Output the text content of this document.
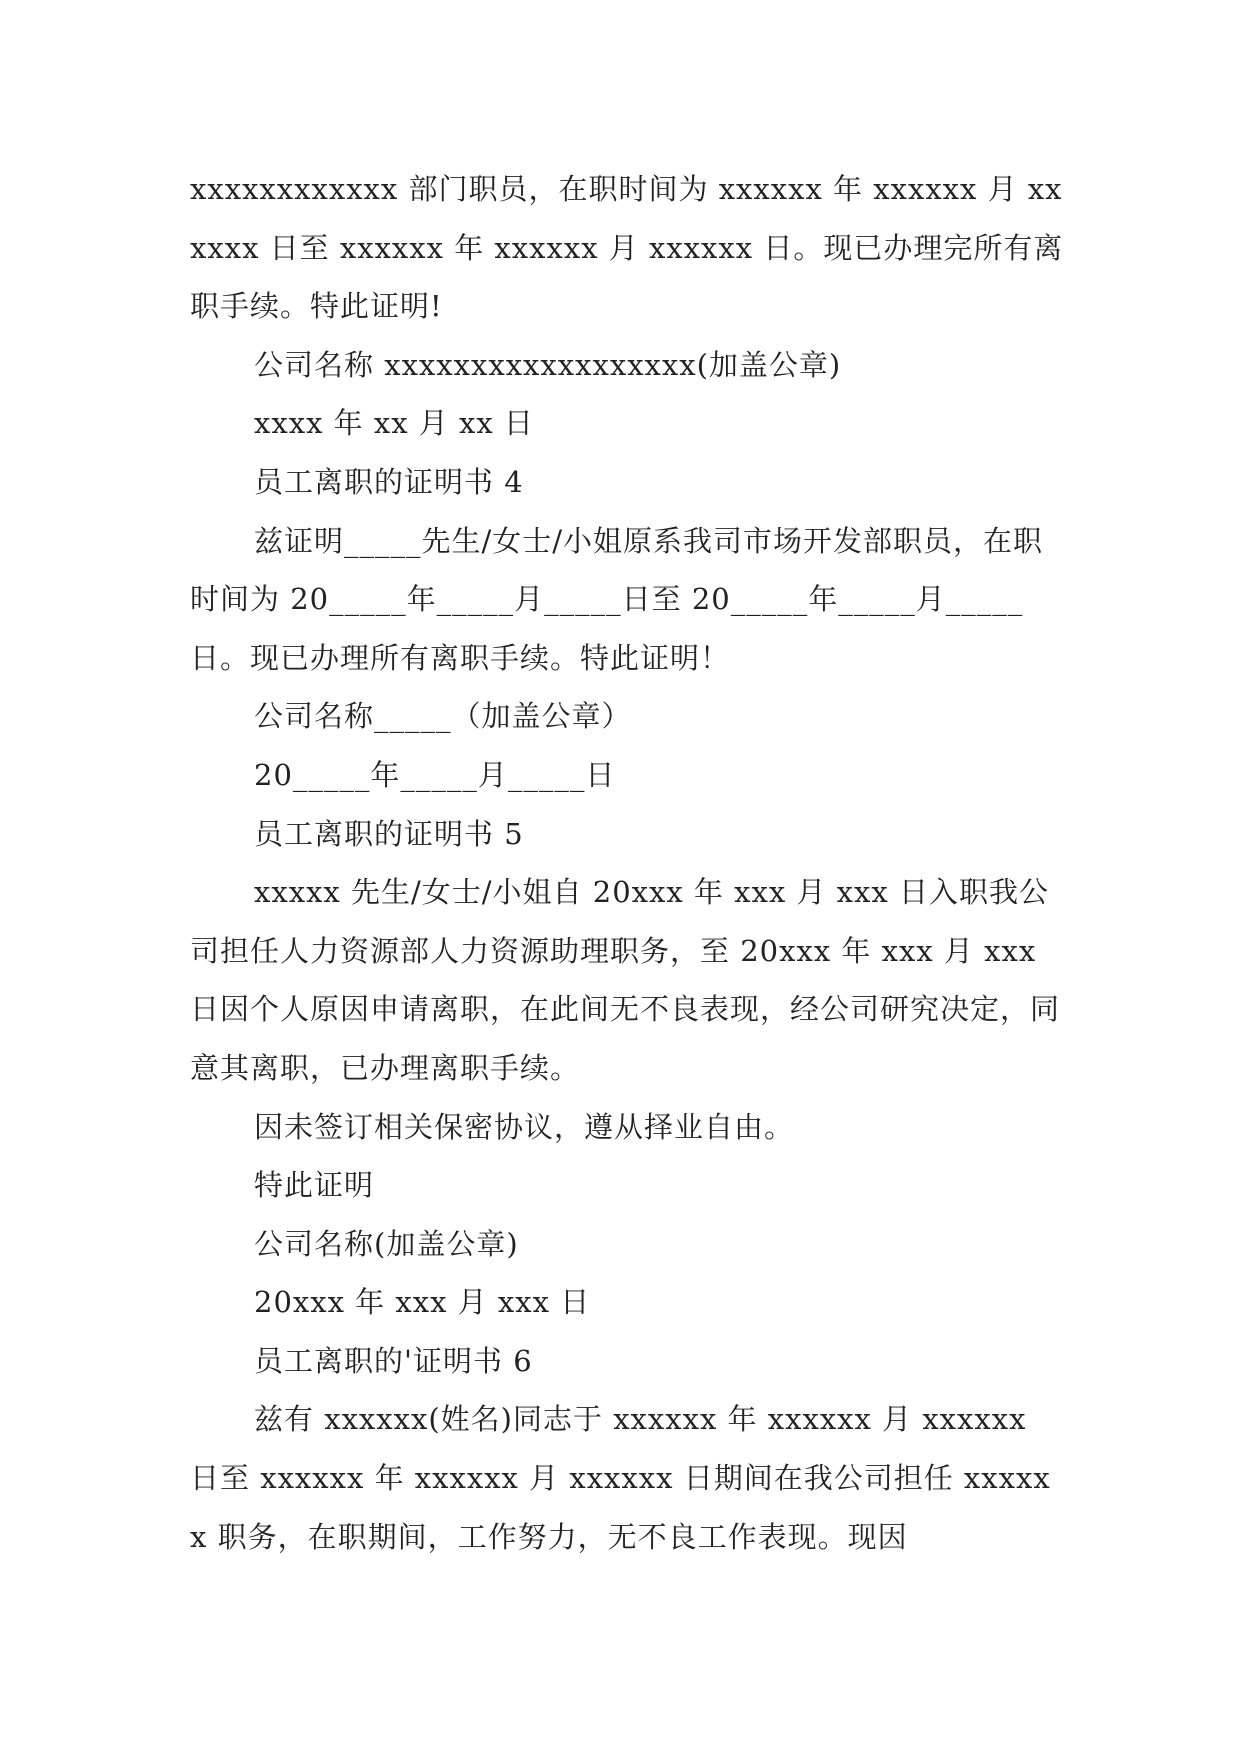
xxxxxxxxxxxx 部门职员，在职时间为 xxxxxx 年 xxxxxx 月 xxxxxx 日至 xxxxxx 年 xxxxxx 月 xxxxxx 日。现已办理完所有离职手续。特此证明!

公司名称 xxxxxxxxxxxxxxxxxx(加盖公章)

xxxx 年 xx 月 xx 日

员工离职的证明书 4

兹证明_____先生/女士/小姐原系我司市场开发部职员，在职时间为 20_____年_____月_____日至 20_____年_____月_____日。现已办理所有离职手续。特此证明！

公司名称_____（加盖公章）

20_____年_____月_____日

员工离职的证明书 5

xxxxx 先生/女士/小姐自 20xxx 年 xxx 月 xxx 日入职我公司担任人力资源部人力资源助理职务，至 20xxx 年 xxx 月 xxx 日因个人原因申请离职，在此间无不良表现，经公司研究决定，同意其离职，已办理离职手续。

因未签订相关保密协议，遵从择业自由。

特此证明

公司名称(加盖公章)

20xxx 年 xxx 月 xxx 日

员工离职的'证明书 6

兹有 xxxxxx(姓名)同志于 xxxxxx 年 xxxxxx 月 xxxxxx 日至 xxxxxx 年 xxxxxx 月 xxxxxx 日期间在我公司担任 xxxxxx 职务，在职期间，工作努力，无不良工作表现。现因
